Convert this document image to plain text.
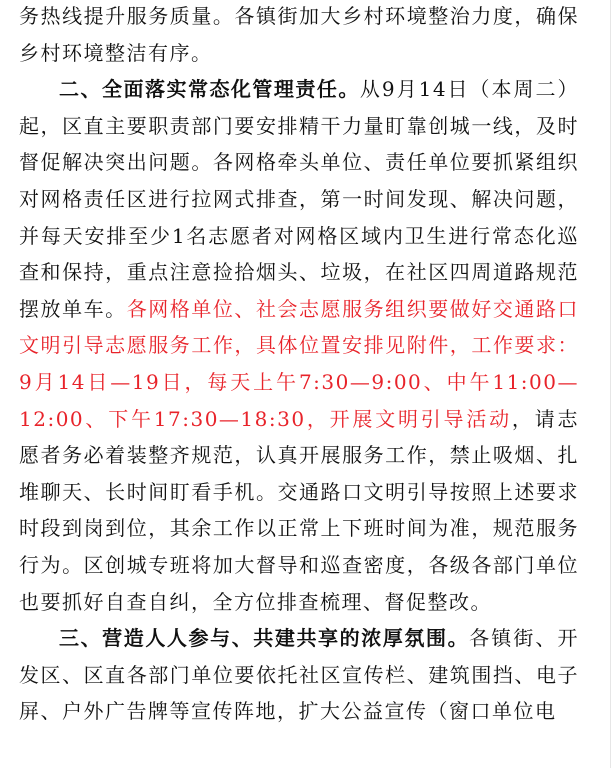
务热线提升服务质量。各镇街加大乡村环境整治力度，确保乡村环境整洁有序。

二、全面落实常态化管理责任。从9月14日（本周二）起，区直主要职责部门要安排精干力量盯靠创城一线，及时督促解决突出问题。各网格牵头单位、责任单位要抓紧组织对网格责任区进行拉网式排查，第一时间发现、解决问题，并每天安排至少1名志愿者对网格区域内卫生进行常态化巡查和保持，重点注意捡拾烟头、垃圾，在社区四周道路规范摆放单车。各网格单位、社会志愿服务组织要做好交通路口文明引导志愿服务工作，具体位置安排见附件，工作要求：9月14日—19日，每天上午7:30—9:00、中午11:00—12:00、下午17:30—18:30，开展文明引导活动，请志愿者务必着装整齐规范，认真开展服务工作，禁止吸烟、扎堆聊天、长时间盯看手机。交通路口文明引导按照上述要求时段到岗到位，其余工作以正常上下班时间为准，规范服务行为。区创城专班将加大督导和巡查密度，各级各部门单位也要抓好自查自纠，全方位排查梳理、督促整改。

三、营造人人参与、共建共享的浓厚氛围。各镇街、开发区、区直各部门单位要依托社区宣传栏、建筑围挡、电子屏、户外广告牌等宣传阵地，扩大公益宣传（窗口单位电
